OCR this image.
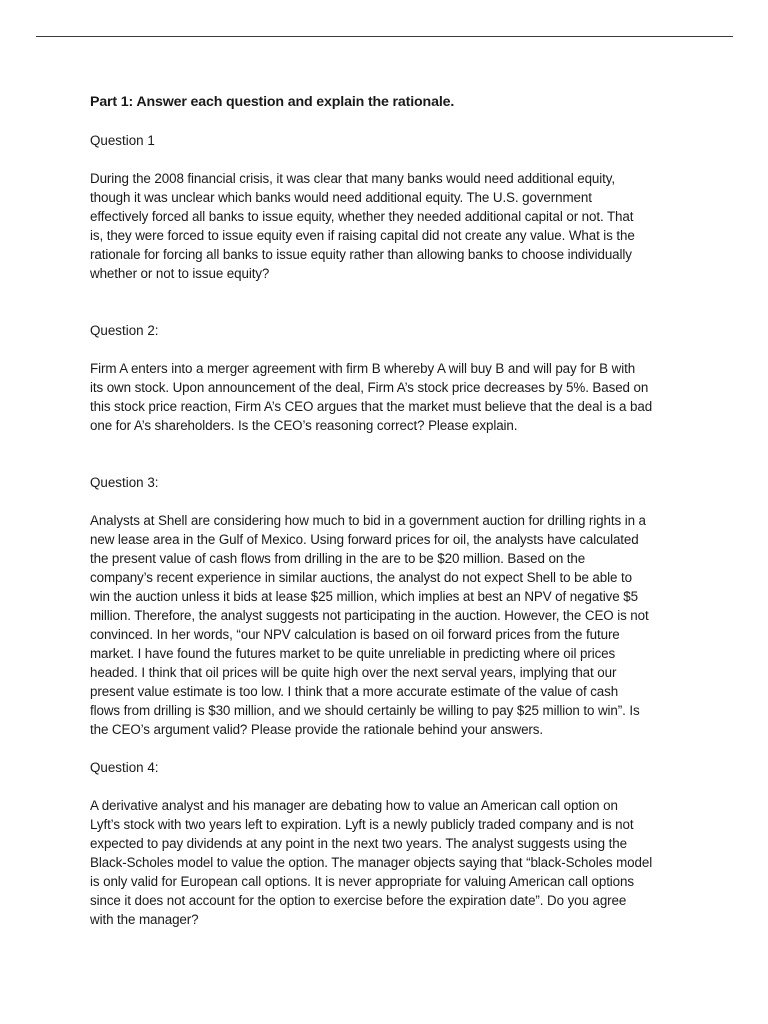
Part 1: Answer each question and explain the rationale.
Question 1
During the 2008 financial crisis, it was clear that many banks would need additional equity,
though it was unclear which banks would need additional equity. The U.S. government
effectively forced all banks to issue equity, whether they needed additional capital or not. That
is, they were forced to issue equity even if raising capital did not create any value. What is the
rationale for forcing all banks to issue equity rather than allowing banks to choose individually
whether or not to issue equity?
Question 2:
Firm A enters into a merger agreement with firm B whereby A will buy B and will pay for B with
its own stock. Upon announcement of the deal, Firm A’s stock price decreases by 5%. Based on
this stock price reaction, Firm A’s CEO argues that the market must believe that the deal is a bad
one for A’s shareholders. Is the CEO’s reasoning correct? Please explain.
Question 3:
Analysts at Shell are considering how much to bid in a government auction for drilling rights in a
new lease area in the Gulf of Mexico. Using forward prices for oil, the analysts have calculated
the present value of cash flows from drilling in the are to be $20 million. Based on the
company’s recent experience in similar auctions, the analyst do not expect Shell to be able to
win the auction unless it bids at lease $25 million, which implies at best an NPV of negative $5
million. Therefore, the analyst suggests not participating in the auction. However, the CEO is not
convinced. In her words, “our NPV calculation is based on oil forward prices from the future
market. I have found the futures market to be quite unreliable in predicting where oil prices
headed. I think that oil prices will be quite high over the next serval years, implying that our
present value estimate is too low. I think that a more accurate estimate of the value of cash
flows from drilling is $30 million, and we should certainly be willing to pay $25 million to win”. Is
the CEO’s argument valid? Please provide the rationale behind your answers.
Question 4:
A derivative analyst and his manager are debating how to value an American call option on
Lyft’s stock with two years left to expiration. Lyft is a newly publicly traded company and is not
expected to pay dividends at any point in the next two years. The analyst suggests using the
Black-Scholes model to value the option. The manager objects saying that “black-Scholes model
is only valid for European call options. It is never appropriate for valuing American call options
since it does not account for the option to exercise before the expiration date”. Do you agree
with the manager?
